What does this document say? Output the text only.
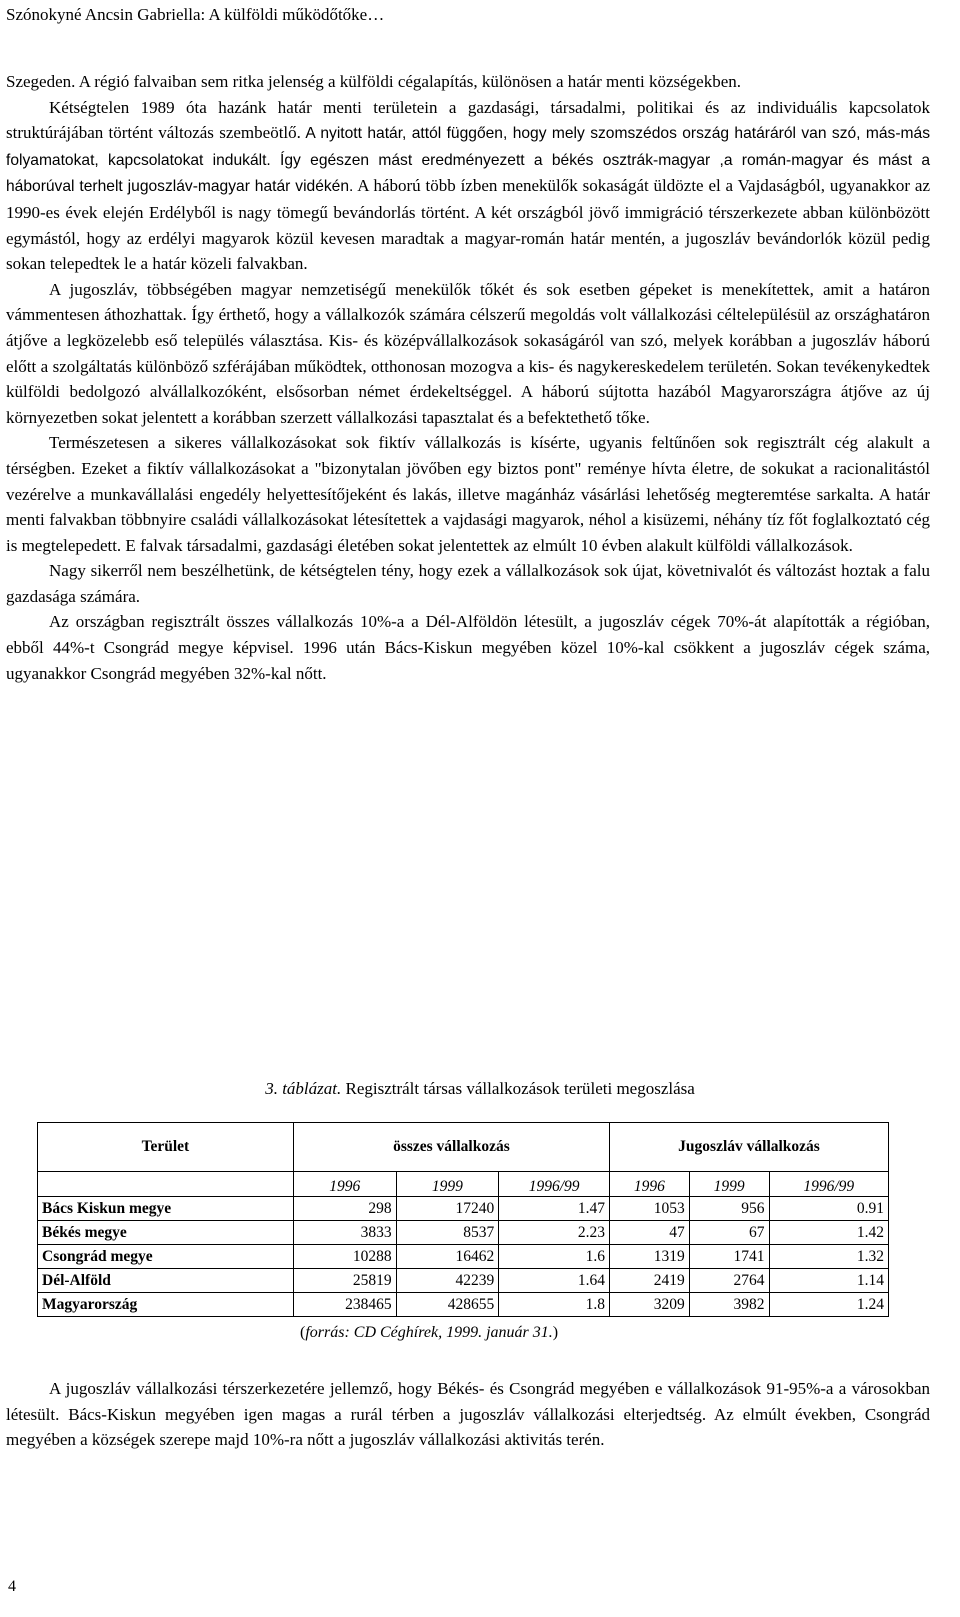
Szónokyné Ancsin Gabriella: A külföldi működőtőke…

Szegeden. A régió falvaiban sem ritka jelenség a külföldi cégalapítás, különösen a határ menti községekben.

Kétségtelen 1989 óta hazánk határ menti területein a gazdasági, társadalmi, politikai és az individuális kapcsolatok struktúrájában történt változás szembeötlő. A nyitott határ, attól függően, hogy mely szomszédos ország határáról van szó, más-más folyamatokat, kapcsolatokat indukált. Így egészen mást eredményezett a békés osztrák-magyar ,a román-magyar és mást a háborúval terhelt jugoszláv-magyar határ vidékén. A háború több ízben menekülők sokaságát üldözte el a Vajdaságból, ugyanakkor az 1990-es évek elején Erdélyből is nagy tömegű bevándorlás történt. A két országból jövő immigráció térszerkezete abban különbözött egymástól, hogy az erdélyi magyarok közül kevesen maradtak a magyar-román határ mentén, a jugoszláv bevándorlók közül pedig sokan telepedtek le a határ közeli falvakban.

A jugoszláv, többségében magyar nemzetiségű menekülők tőkét és sok esetben gépeket is menekítettek, amit a határon vámmentesen áthozhattak. Így érthető, hogy a vállalkozók számára célszerű megoldás volt vállalkozási céltelepülésül az országhatáron átjőve a legközelebb eső település választása. Kis- és középvállalkozások sokaságáról van szó, melyek korábban a jugoszláv háború előtt a szolgáltatás különböző szférájában működtek, otthonosan mozogva a kis- és nagykereskedelem területén. Sokan tevékenykedtek külföldi bedolgozó alvállalkozóként, elsősorban német érdekeltséggel. A háború sújtotta hazából Magyarországra átjőve az új környezetben sokat jelentett a korábban szerzett vállalkozási tapasztalat és a befektethető tőke.

Természetesen a sikeres vállalkozásokat sok fiktív vállalkozás is kísérte, ugyanis feltűnően sok regisztrált cég alakult a térségben. Ezeket a fiktív vállalkozásokat a "bizonytalan jövőben egy biztos pont" reménye hívta életre, de sokukat a racionalitástól vezérelve a munkavállalási engedély helyettesítőjeként és lakás, illetve magánház vásárlási lehetőség megteremtése sarkalta. A határ menti falvakban többnyire családi vállalkozásokat létesítettek a vajdasági magyarok, néhol a kisüzemi, néhány tíz főt foglalkoztató cég is megtelepedett. E falvak társadalmi, gazdasági életében sokat jelentettek az elmúlt 10 évben alakult külföldi vállalkozások.

Nagy sikerről nem beszélhetünk, de kétségtelen tény, hogy ezek a vállalkozások sok újat, követnivalót és változást hoztak a falu gazdasága számára.

Az országban regisztrált összes vállalkozás 10%-a a Dél-Alföldön létesült, a jugoszláv cégek 70%-át alapították a régióban, ebből 44%-t Csongrád megye képvisel. 1996 után Bács-Kiskun megyében közel 10%-kal csökkent a jugoszláv cégek száma, ugyanakkor Csongrád megyében 32%-kal nőtt.

3. táblázat. Regisztrált társas vállalkozások területi megoszlása
Terület	összes vállalkozás			Jugoszláv vállalkozás		
	1996	1999	1996/99	1996	1999	1996/99
Bács Kiskun megye	298	17240	1.47	1053	956	0.91
Békés megye	3833	8537	2.23	47	67	1.42
Csongrád megye	10288	16462	1.6	1319	1741	1.32
Dél-Alföld	25819	42239	1.64	2419	2764	1.14
Magyarország	238465	428655	1.8	3209	3982	1.24
(forrás: CD Céghírek, 1999. január 31.)

A jugoszláv vállalkozási térszerkezetére jellemző, hogy Békés- és Csongrád megyében e vállalkozások 91-95%-a a városokban létesült. Bács-Kiskun megyében igen magas a rurál térben a jugoszláv vállalkozási elterjedtség. Az elmúlt években, Csongrád megyében a községek szerepe majd 10%-ra nőtt a jugoszláv vállalkozási aktivitás terén.

4
